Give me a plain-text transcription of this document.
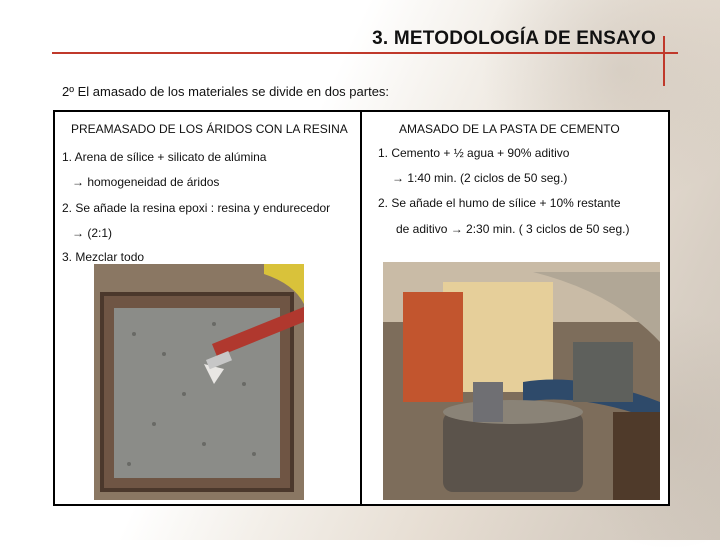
3. METODOLOGÍA DE ENSAYO
2º El amasado de los materiales se divide en dos partes:
PREAMASADO DE LOS ÁRIDOS CON LA RESINA
1. Arena de sílice + silicato de alúmina
→ homogeneidad de áridos
2. Se añade la resina epoxi : resina y endurecedor
→ (2:1)
3. Mezclar todo
AMASADO DE LA PASTA DE CEMENTO
1. Cemento + ½ agua + 90% aditivo
→ 1:40 min. (2 ciclos de 50 seg.)
2. Se añade el humo de sílice + 10% restante
de aditivo → 2:30 min. ( 3 ciclos de 50 seg.)
